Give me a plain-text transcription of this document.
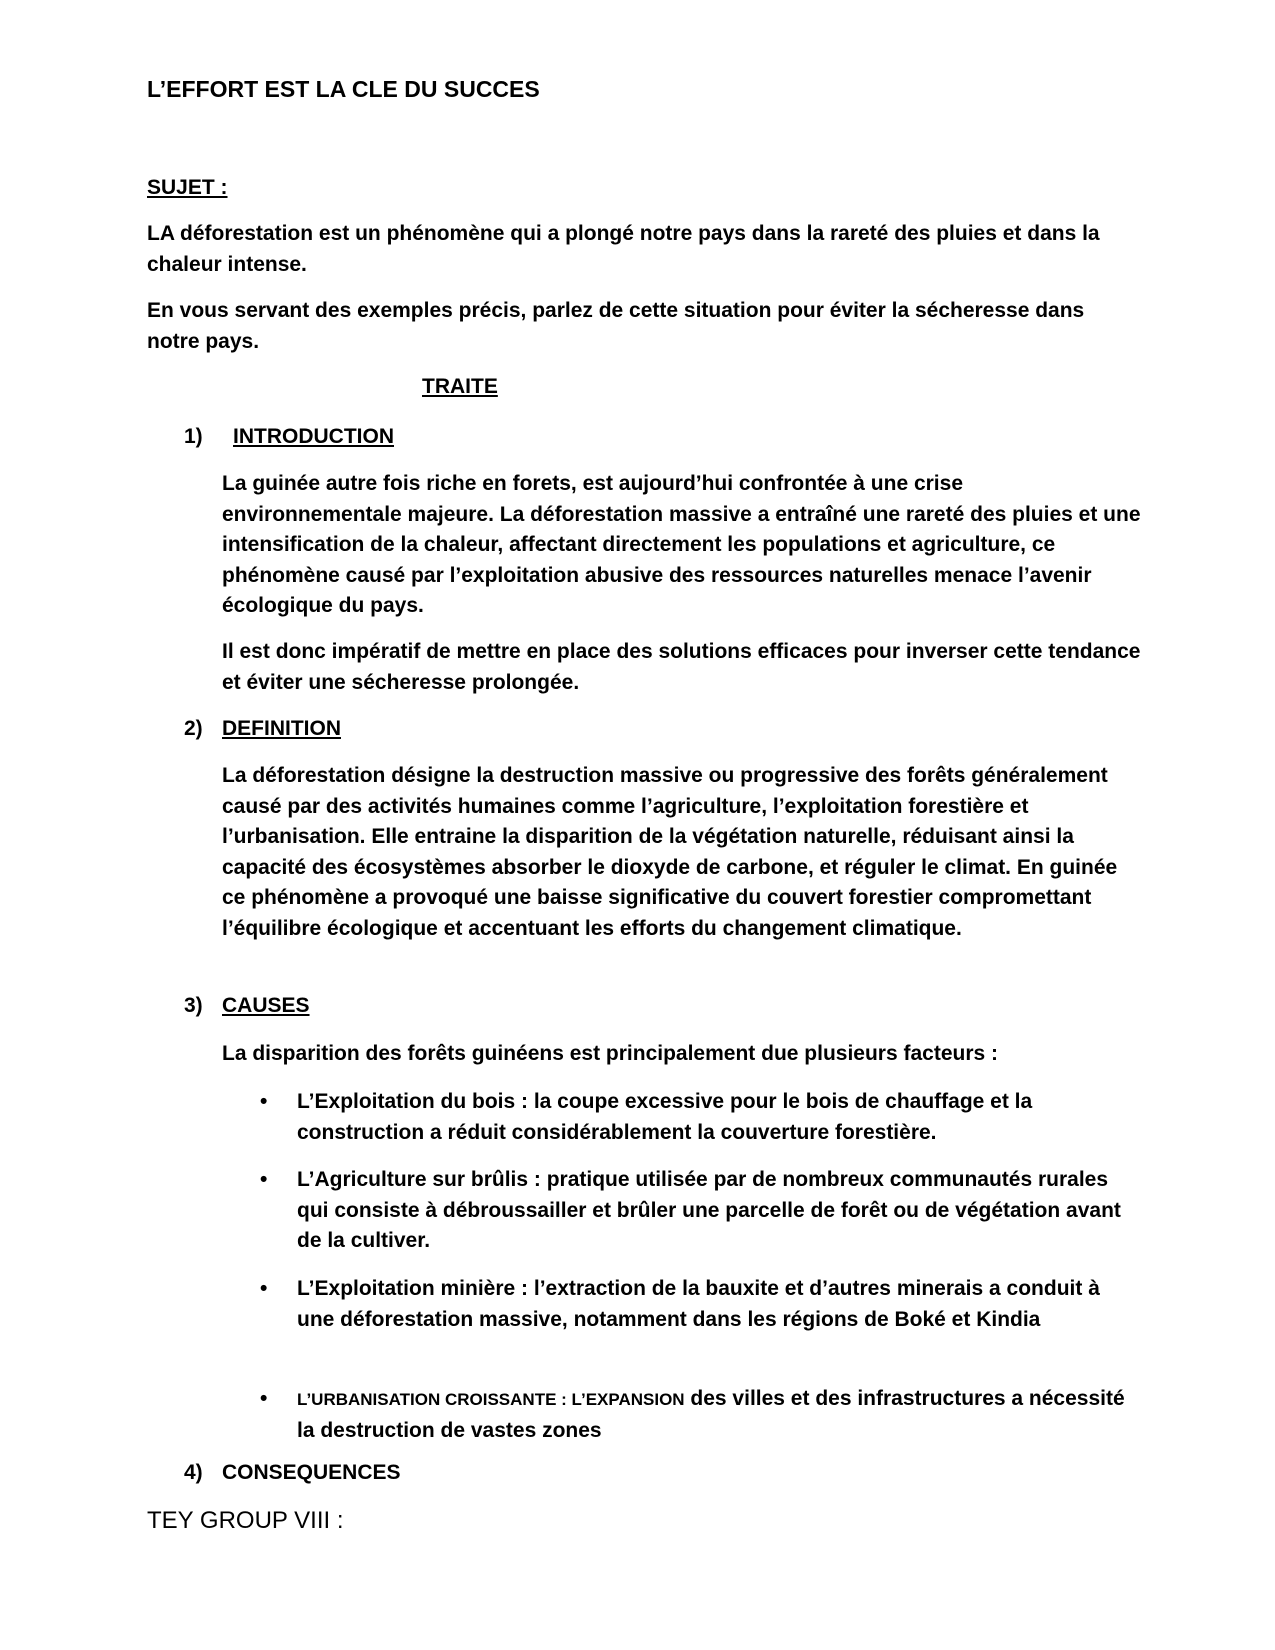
L’EFFORT EST LA CLE DU SUCCES
SUJET :

LA déforestation est un phénomène qui a plongé notre pays dans la rareté des pluies et dans la chaleur intense.

En vous servant des exemples précis, parlez de cette situation pour éviter la sécheresse dans notre pays.

TRAITE
1) INTRODUCTION

La guinée autre fois riche en forets, est aujourd’hui confrontée à une crise environnementale majeure. La déforestation massive a entraîné une rareté des pluies et une intensification de la chaleur, affectant directement les populations et agriculture, ce phénomène causé par l’exploitation abusive des ressources naturelles menace l’avenir écologique du pays.

Il est donc impératif de mettre en place des solutions efficaces pour inverser cette tendance et éviter une sécheresse prolongée.

2) DEFINITION

La déforestation désigne la destruction massive ou progressive des forêts généralement causé par des activités humaines comme l’agriculture, l’exploitation forestière et l’urbanisation. Elle entraine la disparition de la végétation naturelle, réduisant ainsi la capacité des écosystèmes absorber le dioxyde de carbone, et réguler le climat. En guinée ce phénomène a provoqué une baisse significative du couvert forestier compromettant l’équilibre écologique et accentuant les efforts du changement climatique.

3) CAUSES

La disparition des forêts guinéens est principalement due plusieurs facteurs :

• L’Exploitation du bois : la coupe excessive pour le bois de chauffage et la construction a réduit considérablement la couverture forestière.

• L’Agriculture sur brûlis : pratique utilisée par de nombreux communautés rurales qui consiste à débroussailler et brûler une parcelle de forêt ou de végétation avant de la cultiver.

• L’Exploitation minière : l’extraction de la bauxite et d’autres minerais a conduit à une déforestation massive, notamment dans les régions de Boké et Kindia

• L’URBANISATION CROISSANTE : L’EXPANSION des villes et des infrastructures a nécessité la destruction de vastes zones

4) CONSEQUENCES
TEY GROUP VIII :
